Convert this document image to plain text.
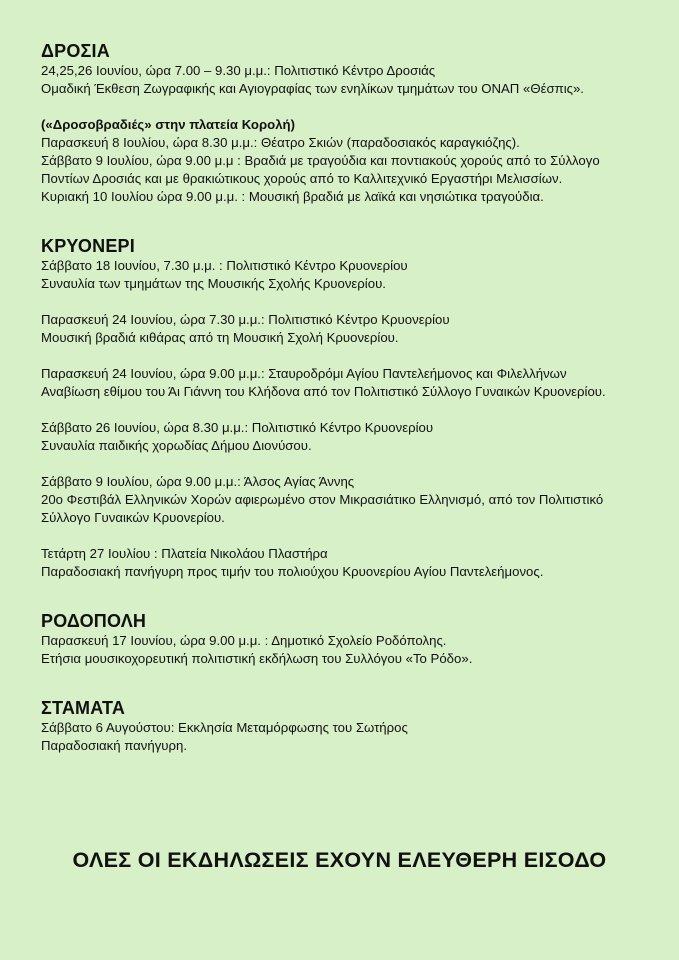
ΔΡΟΣΙΑ
24,25,26 Ιουνίου, ώρα 7.00 – 9.30 μ.μ.: Πολιτιστικό Κέντρο Δροσιάς
Ομαδική Έκθεση Ζωγραφικής και Αγιογραφίας των ενηλίκων τμημάτων του ΟΝΑΠ «Θέσπις».
(«Δροσοβραδιές» στην πλατεία Κορολή)
Παρασκευή 8 Ιουλίου, ώρα 8.30 μ.μ.: Θέατρο Σκιών (παραδοσιακός καραγκιόζης).
Σάββατο 9 Ιουλίου, ώρα 9.00 μ.μ : Βραδιά με τραγούδια και ποντιακούς χορούς από το Σύλλογο
Ποντίων Δροσιάς και με θρακιώτικους χορούς από το Καλλιτεχνικό Εργαστήρι Μελισσίων.
Κυριακή 10 Ιουλίου ώρα 9.00 μ.μ. : Μουσική βραδιά με λαϊκά και νησιώτικα τραγούδια.
ΚΡΥΟΝΕΡΙ
Σάββατο 18 Ιουνίου, 7.30 μ.μ. : Πολιτιστικό Κέντρο Κρυονερίου
Συναυλία των τμημάτων της Μουσικής Σχολής Κρυονερίου.
Παρασκευή 24 Ιουνίου, ώρα 7.30 μ.μ.: Πολιτιστικό Κέντρο Κρυονερίου
Μουσική βραδιά κιθάρας από τη Μουσική Σχολή Κρυονερίου.
Παρασκευή 24 Ιουνίου, ώρα 9.00 μ.μ.: Σταυροδρόμι Αγίου Παντελεήμονος και Φιλελλήνων
Αναβίωση εθίμου του Άι Γιάννη του Κλήδονα από τον Πολιτιστικό Σύλλογο Γυναικών Κρυονερίου.
Σάββατο 26 Ιουνίου, ώρα 8.30 μ.μ.: Πολιτιστικό Κέντρο Κρυονερίου
Συναυλία παιδικής χορωδίας Δήμου Διονύσου.
Σάββατο 9 Ιουλίου, ώρα 9.00 μ.μ.: Άλσος Αγίας Άννης
20ο Φεστιβάλ Ελληνικών Χορών αφιερωμένο στον Μικρασιάτικο Ελληνισμό, από τον Πολιτιστικό
Σύλλογο Γυναικών Κρυονερίου.
Τετάρτη 27 Ιουλίου : Πλατεία Νικολάου Πλαστήρα
Παραδοσιακή πανήγυρη προς τιμήν του πολιούχου Κρυονερίου Αγίου Παντελεήμονος.
ΡΟΔΟΠΟΛΗ
Παρασκευή 17 Ιουνίου, ώρα 9.00 μ.μ. : Δημοτικό Σχολείο Ροδόπολης.
Ετήσια μουσικοχορευτική πολιτιστική εκδήλωση του Συλλόγου «Το Ρόδο».
ΣΤΑΜΑΤΑ
Σάββατο 6 Αυγούστου: Εκκλησία Μεταμόρφωσης του Σωτήρος
Παραδοσιακή πανήγυρη.
ΟΛΕΣ ΟΙ ΕΚΔΗΛΩΣΕΙΣ ΕΧΟΥΝ ΕΛΕΥΘΕΡΗ ΕΙΣΟΔΟ
